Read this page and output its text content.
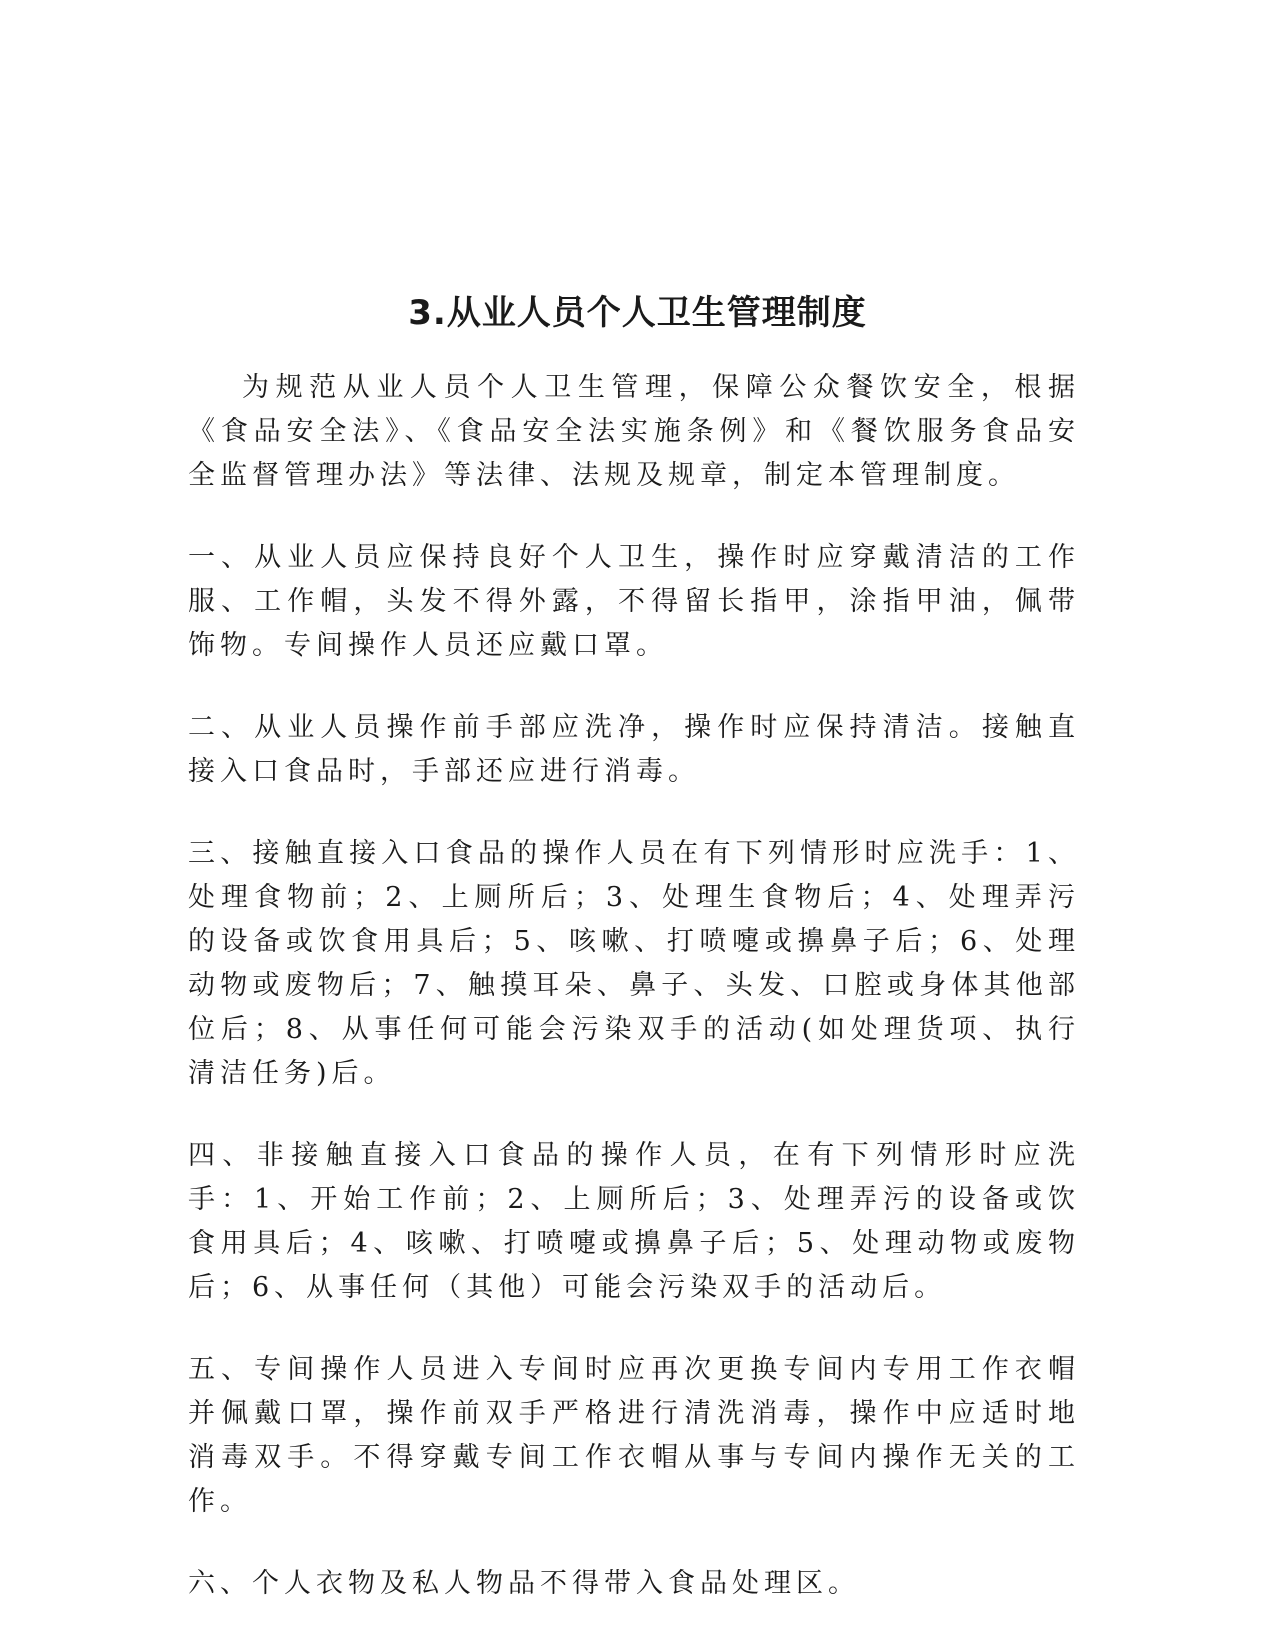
3.从业人员个人卫生管理制度

为规范从业人员个人卫生管理，保障公众餐饮安全，根据《食品安全法》、《食品安全法实施条例》和《餐饮服务食品安全监督管理办法》等法律、法规及规章，制定本管理制度。

一、从业人员应保持良好个人卫生，操作时应穿戴清洁的工作服、工作帽，头发不得外露，不得留长指甲，涂指甲油，佩带饰物。专间操作人员还应戴口罩。

二、从业人员操作前手部应洗净，操作时应保持清洁。接触直接入口食品时，手部还应进行消毒。

三、接触直接入口食品的操作人员在有下列情形时应洗手：1、处理食物前；2、上厕所后；3、处理生食物后；4、处理弄污的设备或饮食用具后；5、咳嗽、打喷嚏或擤鼻子后；6、处理动物或废物后；7、触摸耳朵、鼻子、头发、口腔或身体其他部位后；8、从事任何可能会污染双手的活动(如处理货项、执行清洁任务)后。

四、非接触直接入口食品的操作人员，在有下列情形时应洗手：1、开始工作前；2、上厕所后；3、处理弄污的设备或饮食用具后；4、咳嗽、打喷嚏或擤鼻子后；5、处理动物或废物后；6、从事任何（其他）可能会污染双手的活动后。

五、专间操作人员进入专间时应再次更换专间内专用工作衣帽并佩戴口罩，操作前双手严格进行清洗消毒，操作中应适时地消毒双手。不得穿戴专间工作衣帽从事与专间内操作无关的工作。

六、个人衣物及私人物品不得带入食品处理区。
